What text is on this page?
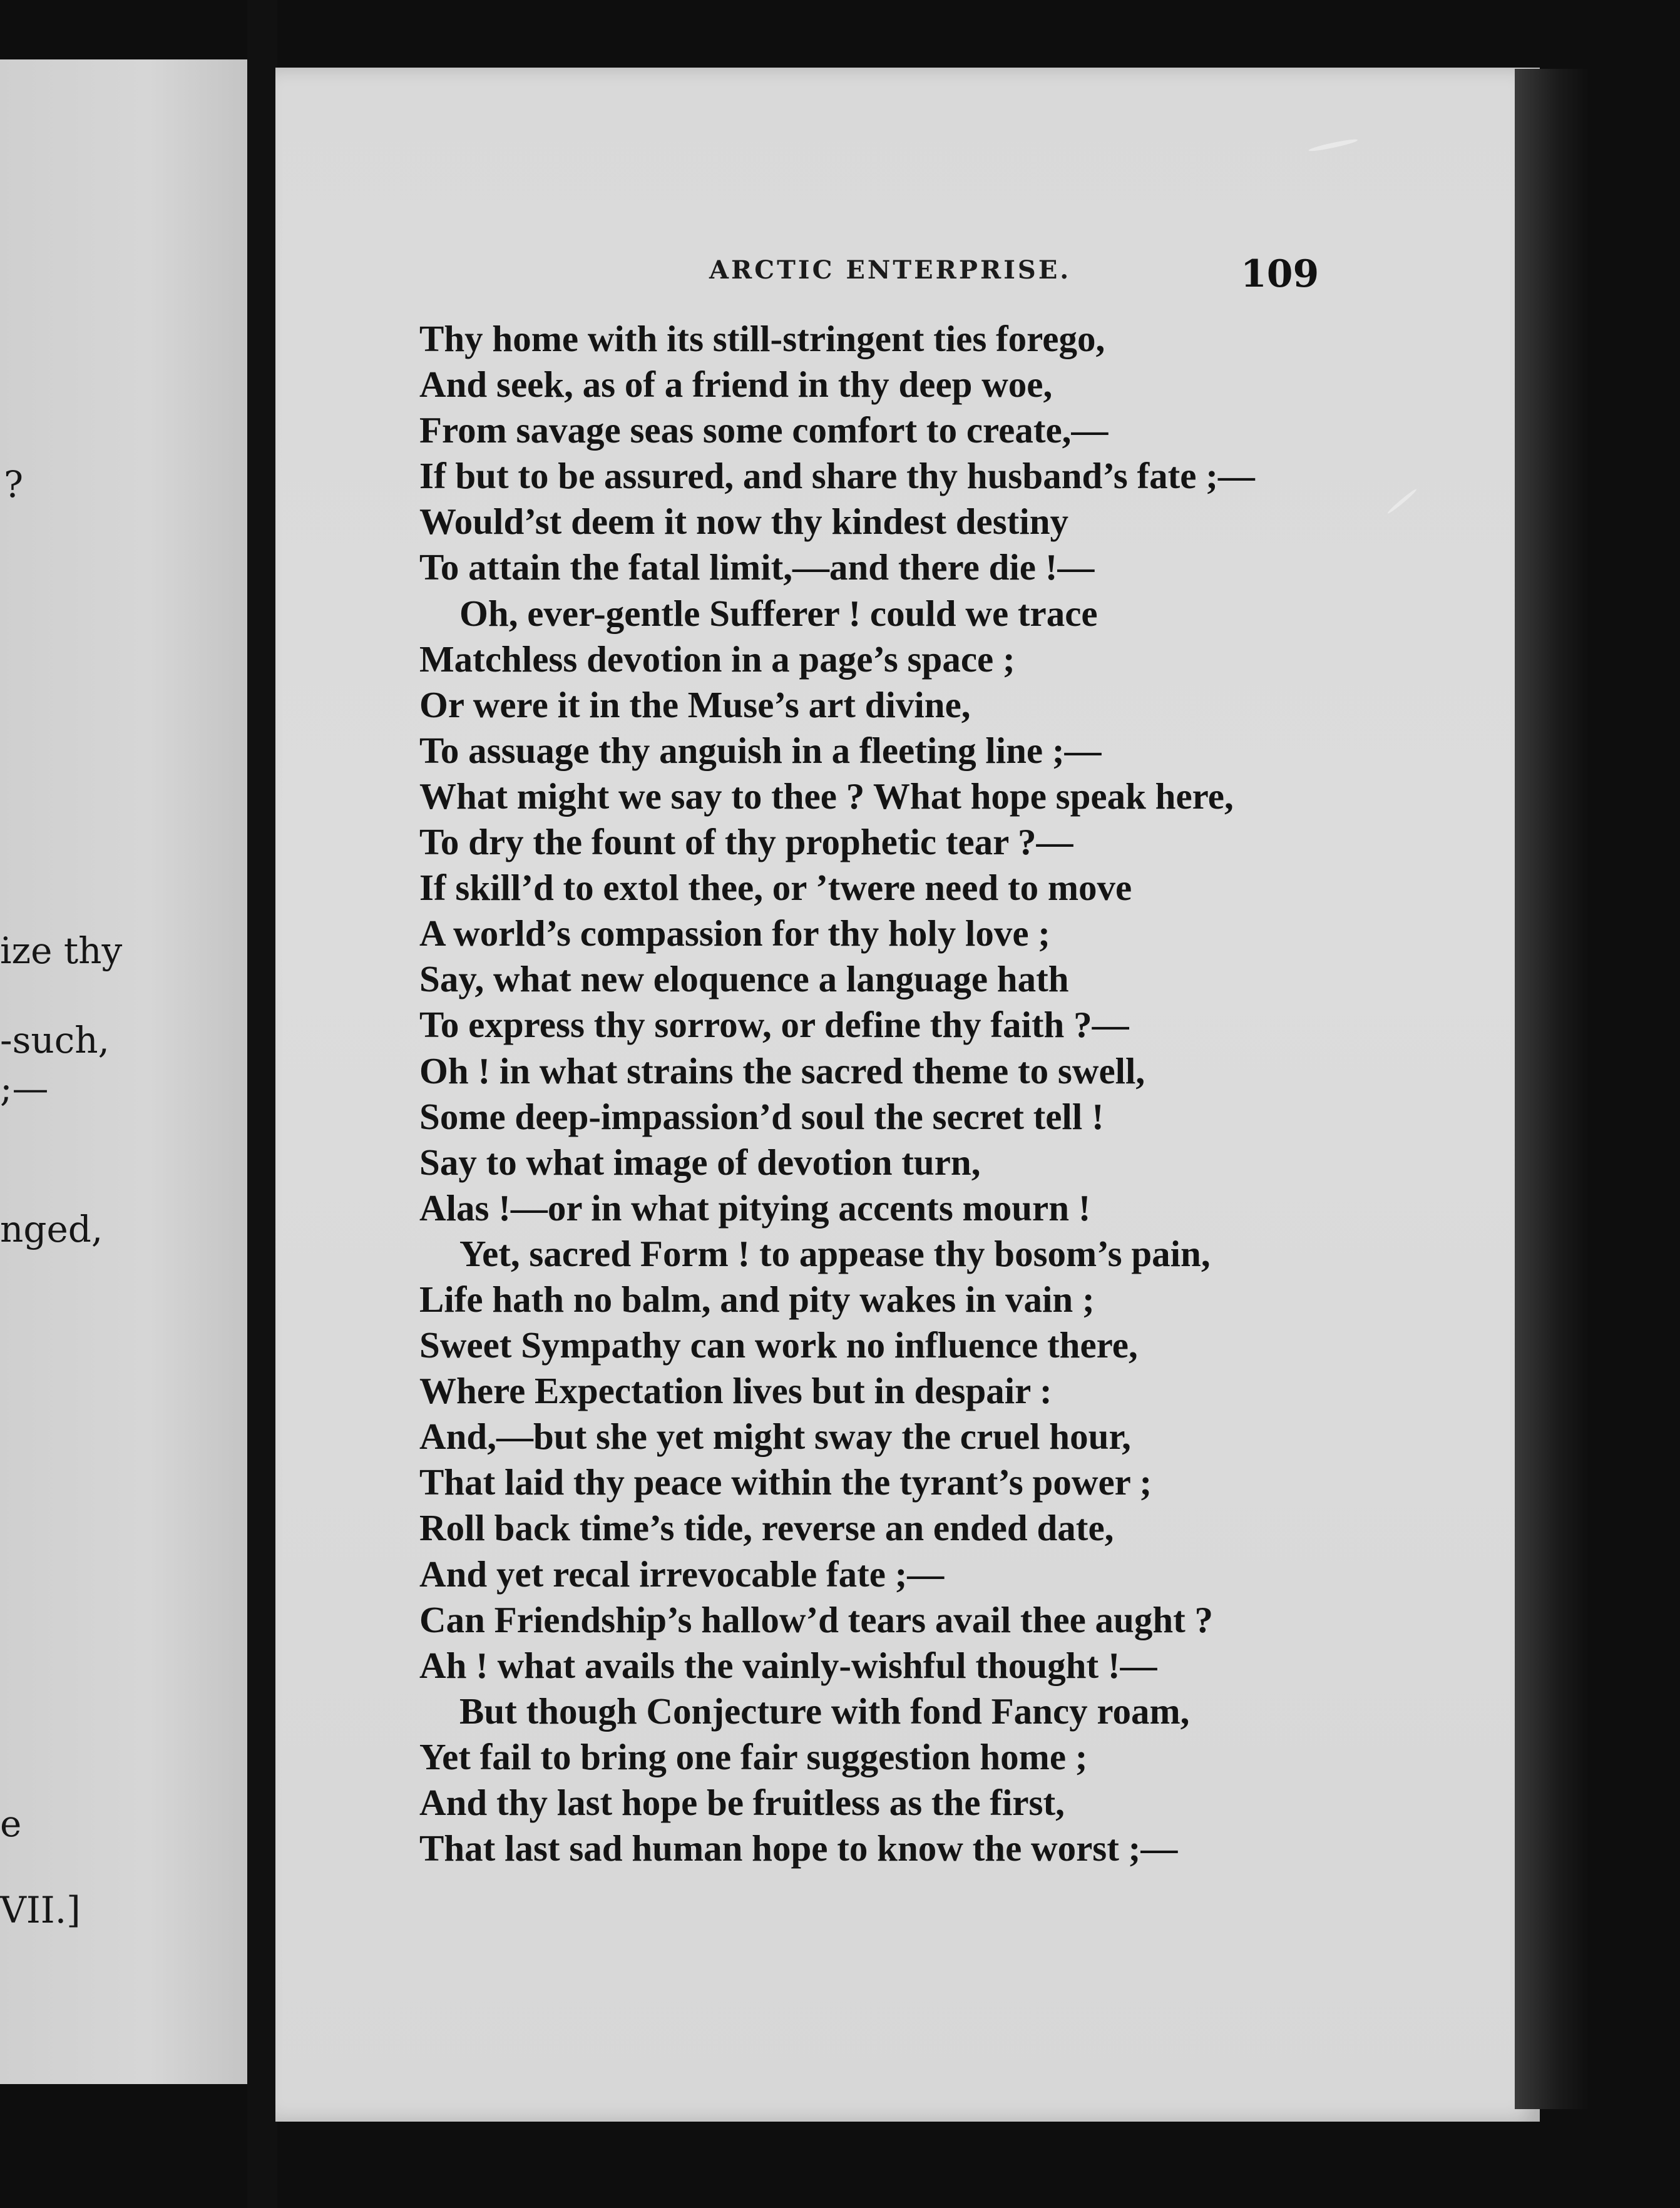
?
ize thy
-such,
;—
nged,
e
VII.]
ARCTIC ENTERPRISE.	109
Thy home with its still-stringent ties forego,
And seek, as of a friend in thy deep woe,
From savage seas some comfort to create,—
If but to be assured, and share thy husband’s fate ;—
Would’st deem it now thy kindest destiny
To attain the fatal limit,—and there die !—
Oh, ever-gentle Sufferer ! could we trace
Matchless devotion in a page’s space ;
Or were it in the Muse’s art divine,
To assuage thy anguish in a fleeting line ;—
What might we say to thee ? What hope speak here,
To dry the fount of thy prophetic tear ?—
If skill’d to extol thee, or ’twere need to move
A world’s compassion for thy holy love ;
Say, what new eloquence a language hath
To express thy sorrow, or define thy faith ?—
Oh ! in what strains the sacred theme to swell,
Some deep-impassion’d soul the secret tell !
Say to what image of devotion turn,
Alas !—or in what pitying accents mourn !
Yet, sacred Form ! to appease thy bosom’s pain,
Life hath no balm, and pity wakes in vain ;
Sweet Sympathy can work no influence there,
Where Expectation lives but in despair :
And,—but she yet might sway the cruel hour,
That laid thy peace within the tyrant’s power ;
Roll back time’s tide, reverse an ended date,
And yet recal irrevocable fate ;—
Can Friendship’s hallow’d tears avail thee aught ?
Ah ! what avails the vainly-wishful thought !—
But though Conjecture with fond Fancy roam,
Yet fail to bring one fair suggestion home ;
And thy last hope be fruitless as the first,
That last sad human hope to know the worst ;—
